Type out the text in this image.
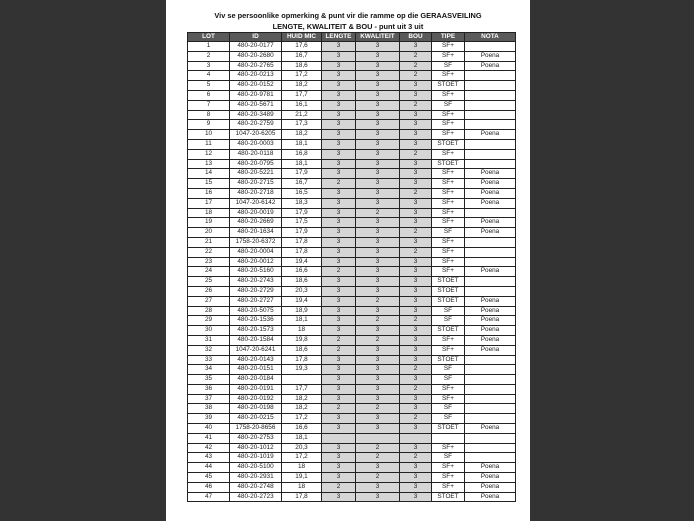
Viv se persoonlike opmerking & punt vir die ramme op die GERAASVEILING
LENGTE, KWALITEIT & BOU - punt uit 3 uit
LOT	ID	HUID MIC	LENGTE	KWALITEIT	BOU	TIPE	NOTA
1	480-20-0177	17,6	3	3	3	SF+	
2	480-20-2680	16,7	3	3	2	SF+	Poena
3	480-20-2765	18,6	3	3	2	SF	Poena
4	480-20-0213	17,2	3	3	2	SF+	
5	480-20-0152	18,2	3	3	3	STOET	
6	480-20-9781	17,7	3	3	3	SF+	
7	480-20-5671	16,1	3	3	2	SF	
8	480-20-3489	21,2	3	3	3	SF+	
9	480-20-2759	17,3	3	3	3	SF+	
10	1047-20-6205	18,2	3	3	3	SF+	Poena
11	480-20-0003	18,1	3	3	3	STOET	
12	480-20-0118	16,8	3	3	2	SF+	
13	480-20-0795	18,1	3	3	3	STOET	
14	480-20-5221	17,9	3	3	3	SF+	Poena
15	480-20-2715	16,7	2	3	3	SF+	Poena
16	480-20-2718	16,5	3	3	2	SF+	Poena
17	1047-20-6142	18,3	3	3	3	SF+	Poena
18	480-20-0019	17,9	3	2	3	SF+	
19	480-20-2669	17,5	3	3	3	SF+	Poena
20	480-20-1634	17,9	3	3	2	SF	Poena
21	1758-20-6372	17,8	3	3	3	SF+	
22	480-20-0004	17,8	3	3	2	SF+	
23	480-20-0012	19,4	3	3	3	SF+	
24	480-20-5160	16,6	2	3	3	SF+	Poena
25	480-20-2743	18,6	3	3	3	STOET	
26	480-20-2729	20,3	3	3	3	STOET	
27	480-20-2727	19,4	3	2	3	STOET	Poena
28	480-20-5075	18,9	3	3	3	SF	Poena
29	480-20-1536	18,1	3	2	2	SF	Poena
30	480-20-1573	18	3	3	3	STOET	Poena
31	480-20-1584	19,8	2	2	3	SF+	Poena
32	1047-20-6241	18,6	2	3	3	SF+	Poena
33	480-20-0143	17,8	3	3	3	STOET	
34	480-20-0151	19,3	3	3	2	SF	
35	480-20-0184		3	3	3	SF	
36	480-20-0191	17,7	3	3	2	SF+	
37	480-20-0192	18,2	3	3	3	SF+	
38	480-20-0198	18,2	2	2	3	SF	
39	480-20-0215	17,2	3	3	2	SF	
40	1758-20-8656	16,6	3	3	3	STOET	Poena
41	480-20-2753	18,1					
42	480-20-1012	20,3	3	2	3	SF+	
43	480-20-1019	17,2	3	2	2	SF	
44	480-20-5100	18	3	3	3	SF+	Poena
45	480-20-2931	19,1	3	2	3	SF+	Poena
46	480-20-2748	18	2	3	3	SF+	Poena
47	480-20-2723	17,8	3	3	3	STOET	Poena
